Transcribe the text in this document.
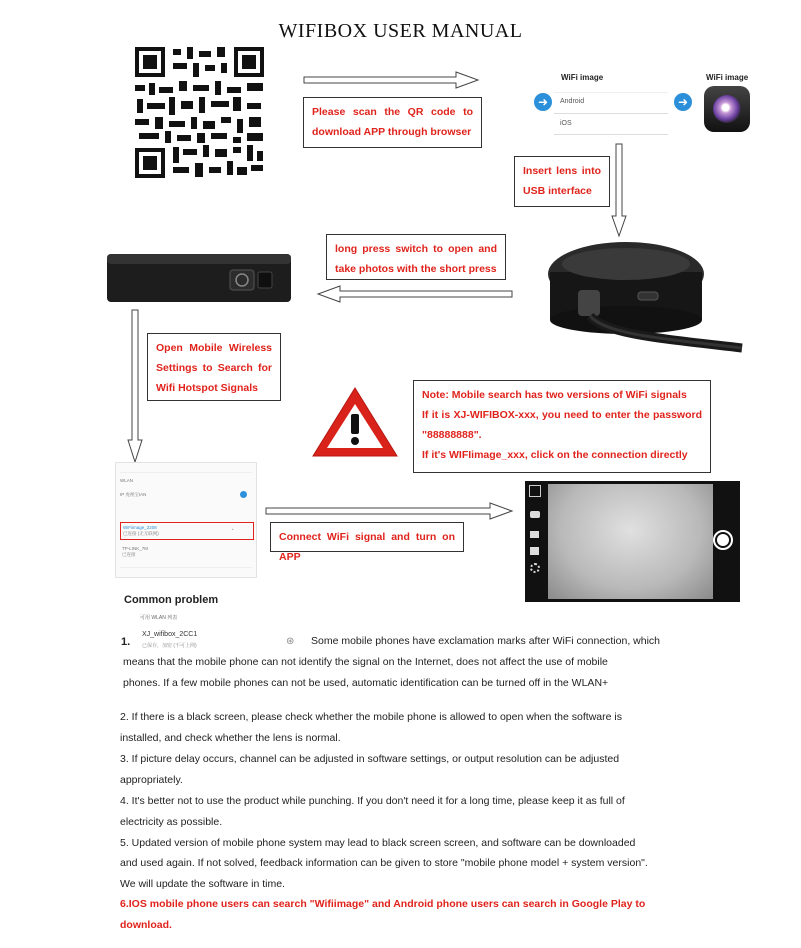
WIFIBOX USER MANUAL
Please scan the QR code to download APP through browser
WiFi image	WiFi image
➜	Android
iOS
➜
Insert lens into USB interface
long press switch to open and take photos with the short press
Open Mobile Wireless Settings to Search for Wifi Hotspot Signals
Note: Mobile search has two versions of WiFi signals
If it is XJ-WIFIBOX-xxx, you need to enter the password "88888888".
If it's WIFIimage_xxx, click on the connection directly
WLAN
IP 虎视宝IAN
WiFiimage_2208
已连接 (无互联网)
◔
TP-LINK_7M
已连接
Connect WiFi signal and turn on APP
Common problem
可用 WLAN 列表
1.
XJ_wifibox_2CC1
已保存，加密 (不可上网)	⊛ Some mobile phones have exclamation marks after WiFi connection, which
means that the mobile phone can not identify the signal on the Internet, does not affect the use of mobile
phones. If a few mobile phones can not be used, automatic identification can be turned off in the WLAN+
2. If there is a black screen, please check whether the mobile phone is allowed to open when the software is
installed, and check whether the lens is normal.
3. If picture delay occurs, channel can be adjusted in software settings, or output resolution can be adjusted
appropriately.
4. It's better not to use the product while punching. If you don't need it for a long time, please keep it as full of
electricity as possible.
5. Updated version of mobile phone system may lead to black screen screen, and software can be downloaded
and used again. If not solved, feedback information can be given to store "mobile phone model + system version".
We will update the software in time.
6.IOS mobile phone users can search "Wifiimage" and Android phone users can search in Google Play to
download.
